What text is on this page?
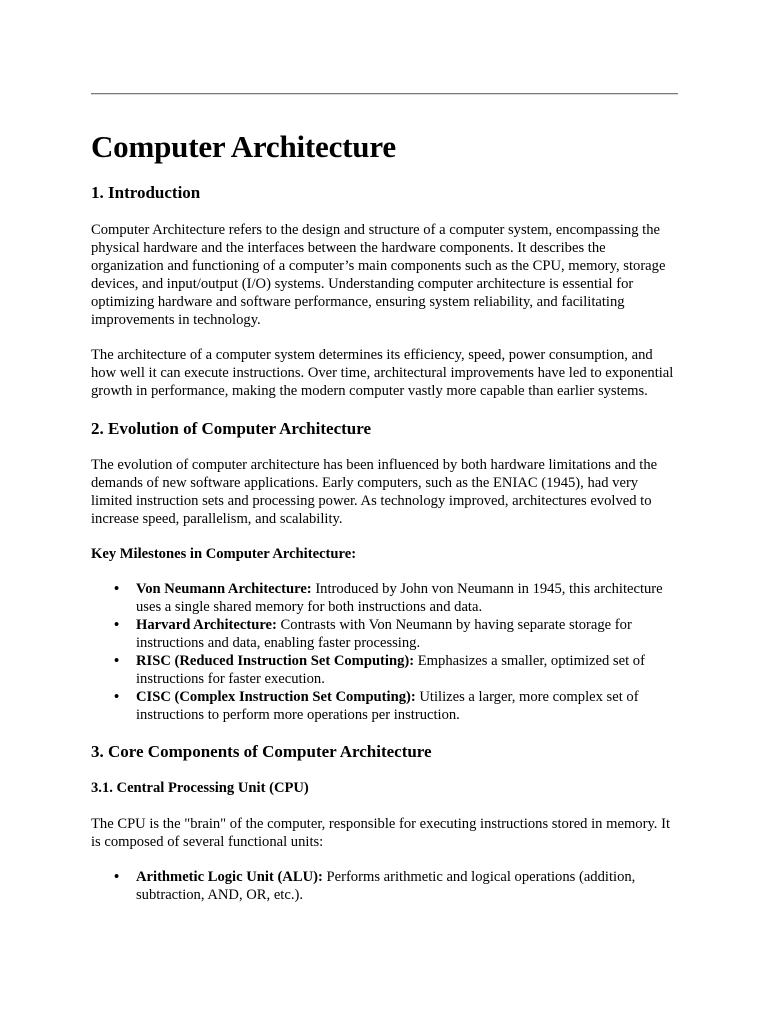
Computer Architecture
1. Introduction

Computer Architecture refers to the design and structure of a computer system, encompassing the physical hardware and the interfaces between the hardware components. It describes the organization and functioning of a computer’s main components such as the CPU, memory, storage devices, and input/output (I/O) systems. Understanding computer architecture is essential for optimizing hardware and software performance, ensuring system reliability, and facilitating improvements in technology.

The architecture of a computer system determines its efficiency, speed, power consumption, and how well it can execute instructions. Over time, architectural improvements have led to exponential growth in performance, making the modern computer vastly more capable than earlier systems.

2. Evolution of Computer Architecture

The evolution of computer architecture has been influenced by both hardware limitations and the demands of new software applications. Early computers, such as the ENIAC (1945), had very limited instruction sets and processing power. As technology improved, architectures evolved to increase speed, parallelism, and scalability.

Key Milestones in Computer Architecture:
• Von Neumann Architecture: Introduced by John von Neumann in 1945, this architecture uses a single shared memory for both instructions and data.
• Harvard Architecture: Contrasts with Von Neumann by having separate storage for instructions and data, enabling faster processing.
• RISC (Reduced Instruction Set Computing): Emphasizes a smaller, optimized set of instructions for faster execution.
• CISC (Complex Instruction Set Computing): Utilizes a larger, more complex set of instructions to perform more operations per instruction.
3. Core Components of Computer Architecture
3.1. Central Processing Unit (CPU)

The CPU is the "brain" of the computer, responsible for executing instructions stored in memory. It is composed of several functional units:

• Arithmetic Logic Unit (ALU): Performs arithmetic and logical operations (addition, subtraction, AND, OR, etc.).
